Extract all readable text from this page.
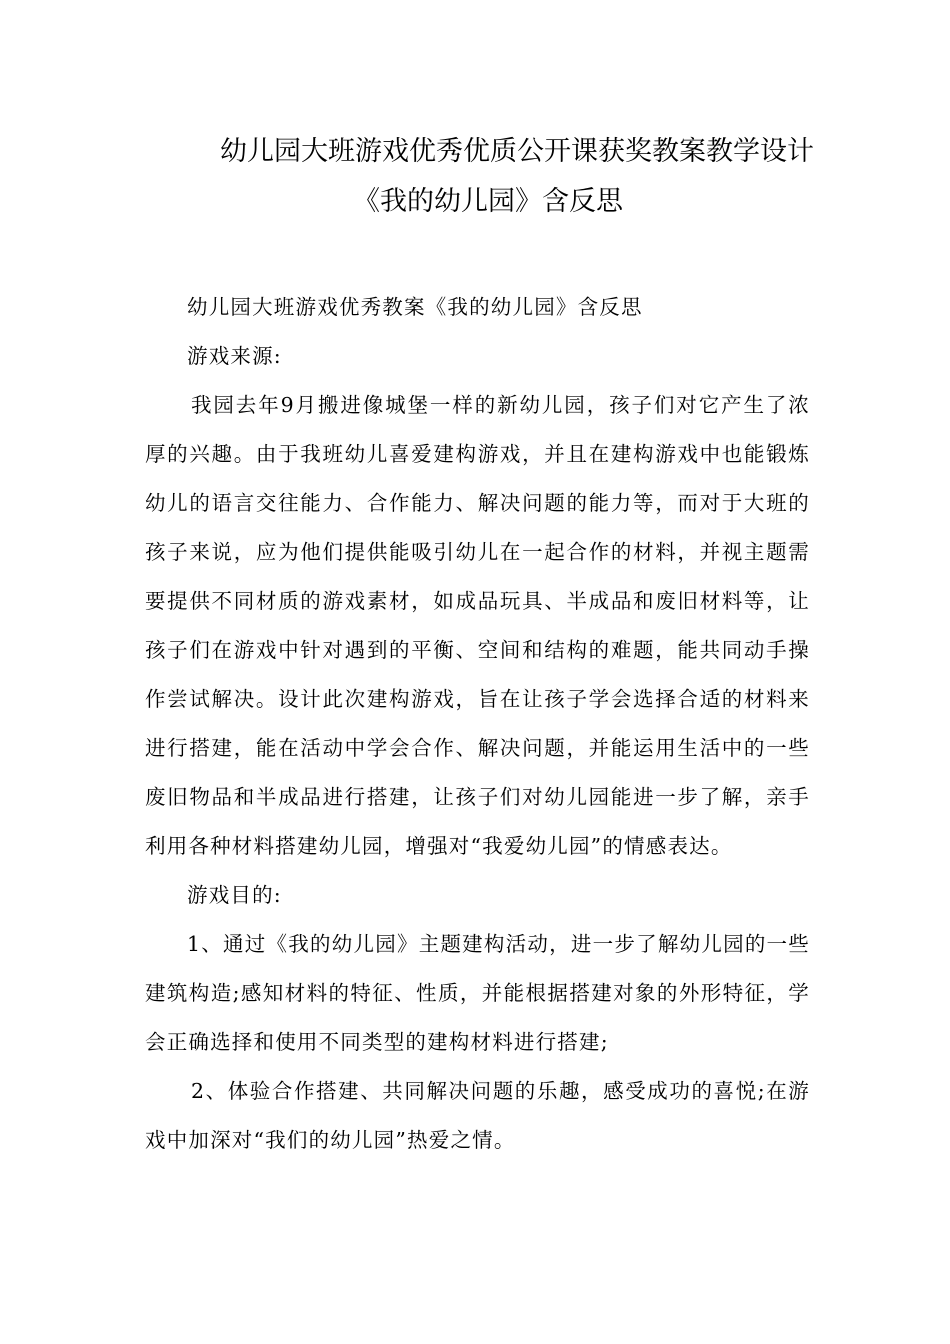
幼儿园大班游戏优秀优质公开课获奖教案教学设计
《我的幼儿园》含反思

幼儿园大班游戏优秀教案《我的幼儿园》含反思

游戏来源:

我园去年9月搬进像城堡一样的新幼儿园，孩子们对它产生了浓厚的兴趣。由于我班幼儿喜爱建构游戏，并且在建构游戏中也能锻炼幼儿的语言交往能力、合作能力、解决问题的能力等，而对于大班的孩子来说，应为他们提供能吸引幼儿在一起合作的材料，并视主题需要提供不同材质的游戏素材，如成品玩具、半成品和废旧材料等，让孩子们在游戏中针对遇到的平衡、空间和结构的难题，能共同动手操作尝试解决。设计此次建构游戏，旨在让孩子学会选择合适的材料来进行搭建，能在活动中学会合作、解决问题，并能运用生活中的一些废旧物品和半成品进行搭建，让孩子们对幼儿园能进一步了解，亲手利用各种材料搭建幼儿园，增强对“我爱幼儿园”的情感表达。

游戏目的:

1、通过《我的幼儿园》主题建构活动，进一步了解幼儿园的一些建筑构造;感知材料的特征、性质，并能根据搭建对象的外形特征，学会正确选择和使用不同类型的建构材料进行搭建;

2、体验合作搭建、共同解决问题的乐趣，感受成功的喜悦;在游戏中加深对“我们的幼儿园”热爱之情。
